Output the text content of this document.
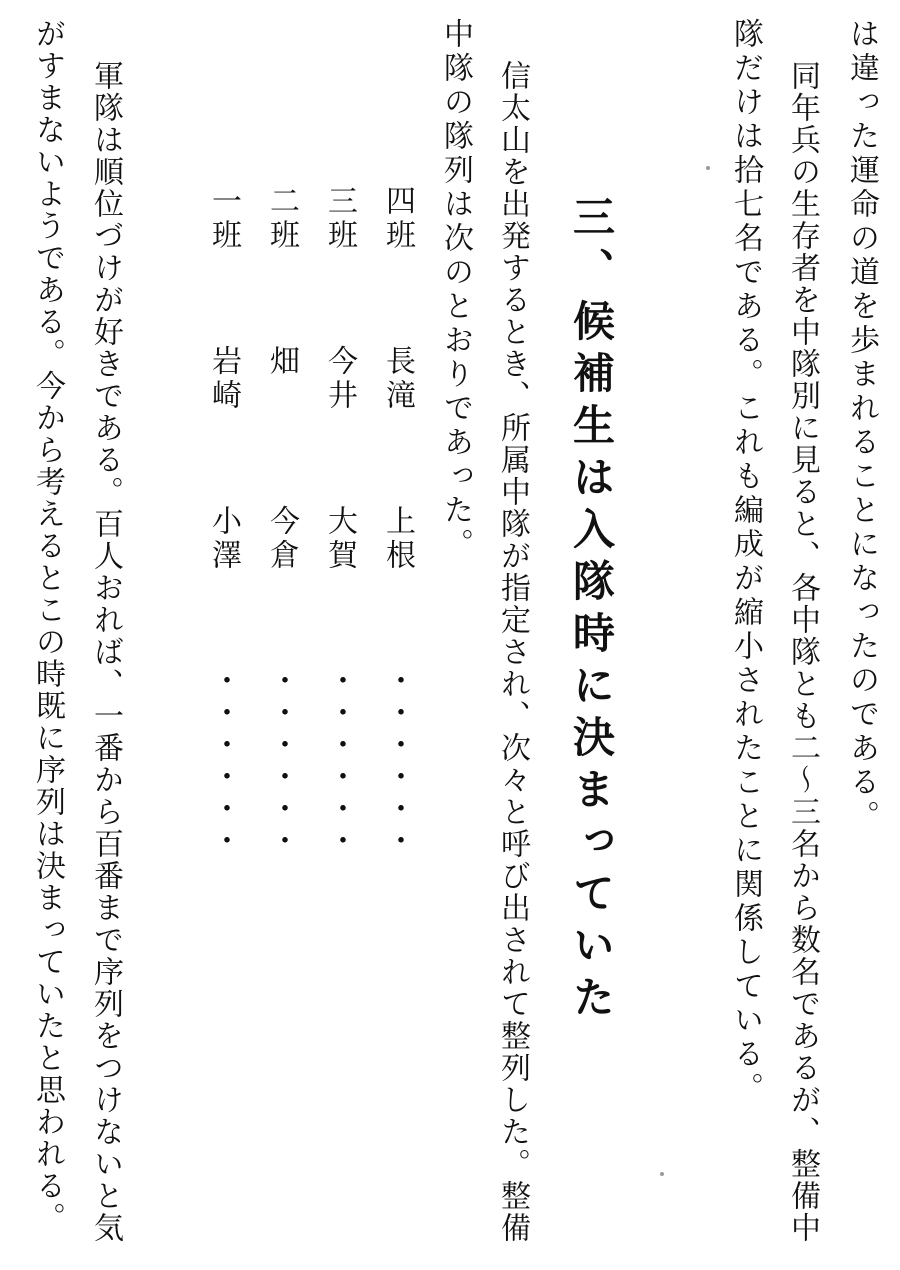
は違った運命の道を歩まれることになったのである。
同年兵の生存者を中隊別に見ると、各中隊とも二～三名から数名であるが、整備中
隊だけは拾七名である。これも編成が縮小されたことに関係している。
三、候補生は入隊時に決まっていた
信太山を出発するとき、所属中隊が指定され、次々と呼び出されて整列した。整備
中隊の隊列は次のとおりであった。
四班
長滝
上根
・・・・・・
三班
今井
大賀
・・・・・・
二班
畑
今倉
・・・・・・
一班
岩崎
小澤
・・・・・・
軍隊は順位づけが好きである。百人おれば、一番から百番まで序列をつけないと気
がすまないようである。今から考えるとこの時既に序列は決まっていたと思われる。
